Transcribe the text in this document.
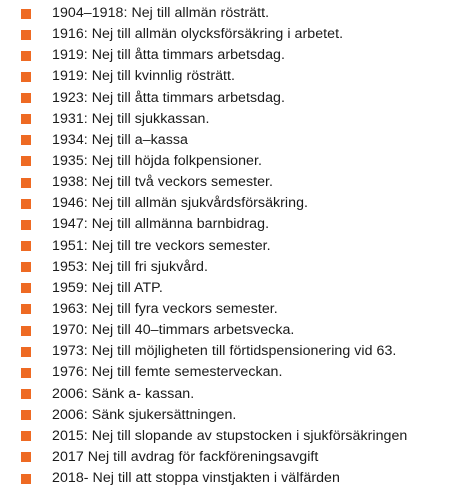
1904–1918: Nej till allmän rösträtt.
1916: Nej till allmän olycksförsäkring i arbetet.
1919: Nej till åtta timmars arbetsdag.
1919: Nej till kvinnlig rösträtt.
1923: Nej till åtta timmars arbetsdag.
1931: Nej till sjukkassan.
1934: Nej till a–kassa
1935: Nej till höjda folkpensioner.
1938: Nej till två veckors semester.
1946: Nej till allmän sjukvårdsförsäkring.
1947: Nej till allmänna barnbidrag.
1951: Nej till tre veckors semester.
1953: Nej till fri sjukvård.
1959: Nej till ATP.
1963: Nej till fyra veckors semester.
1970: Nej till 40–timmars arbetsvecka.
1973: Nej till möjligheten till förtidspensionering vid 63.
1976: Nej till femte semesterveckan.
2006: Sänk a- kassan.
2006: Sänk sjukersättningen.
2015: Nej till slopande av stupstocken i sjukförsäkringen
2017 Nej till avdrag för fackföreningsavgift
2018- Nej till att stoppa vinstjakten i välfärden
